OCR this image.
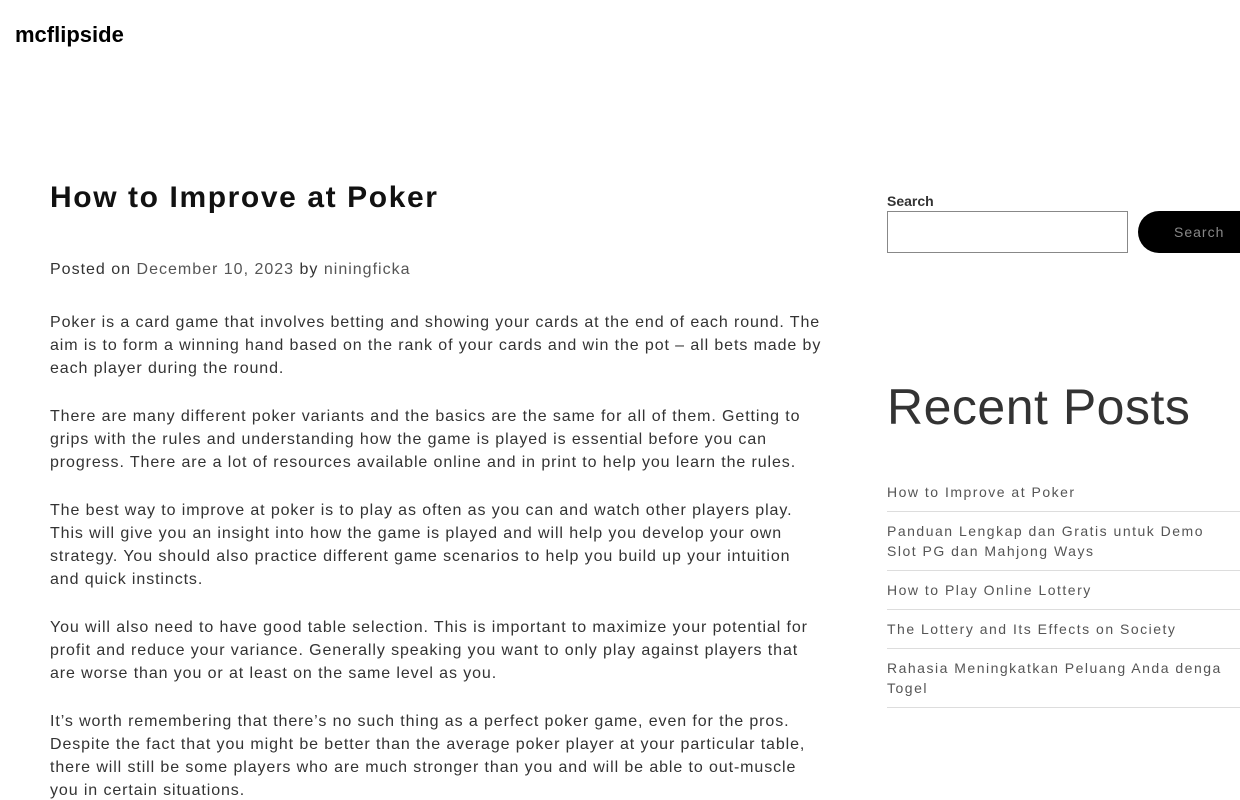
mcflipside
How to Improve at Poker
Posted on December 10, 2023 by niningficka

Poker is a card game that involves betting and showing your cards at the end of each round. The aim is to form a winning hand based on the rank of your cards and win the pot – all bets made by each player during the round.

There are many different poker variants and the basics are the same for all of them. Getting to grips with the rules and understanding how the game is played is essential before you can progress. There are a lot of resources available online and in print to help you learn the rules.

The best way to improve at poker is to play as often as you can and watch other players play. This will give you an insight into how the game is played and will help you develop your own strategy. You should also practice different game scenarios to help you build up your intuition and quick instincts.

You will also need to have good table selection. This is important to maximize your potential for profit and reduce your variance. Generally speaking you want to only play against players that are worse than you or at least on the same level as you.

It’s worth remembering that there’s no such thing as a perfect poker game, even for the pros. Despite the fact that you might be better than the average poker player at your particular table, there will still be some players who are much stronger than you and will be able to out-muscle you in certain situations.

Search
Search
Recent Posts
How to Improve at Poker
Panduan Lengkap dan Gratis untuk Demo
Slot PG dan Mahjong Ways
How to Play Online Lottery
The Lottery and Its Effects on Society
Rahasia Meningkatkan Peluang Anda denga
Togel
